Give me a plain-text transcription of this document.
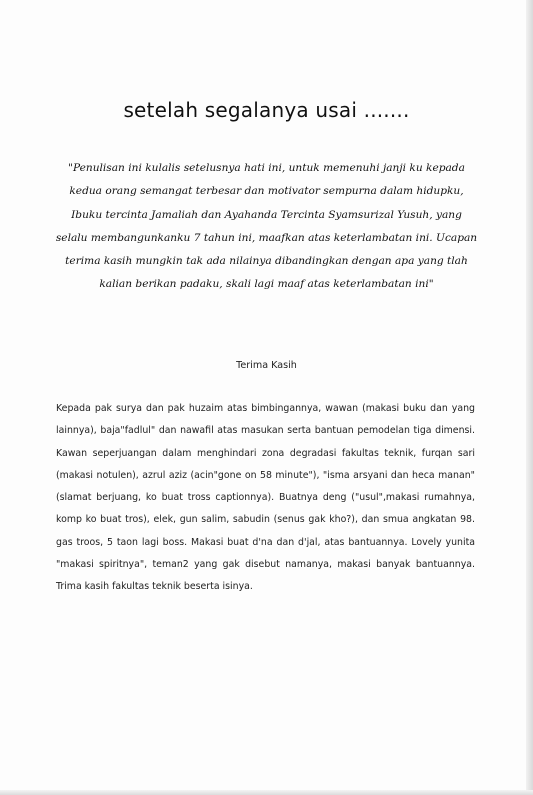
setelah segalanya usai .......
"Penulisan ini kulalis setelusnya hati ini, untuk memenuhi janji ku kepada kedua orang semangat terbesar dan motivator sempurna dalam hidupku, Ibuku tercinta Jamaliah dan Ayahanda Tercinta Syamsurizal Yusuh, yang selalu membangunkanku 7 tahun ini, maafkan atas keterlambatan ini. Ucapan terima kasih mungkin tak ada nilainya dibandingkan dengan apa yang tlah kalian berikan padaku, skali lagi maaf atas keterlambatan ini"
Terima Kasih
Kepada pak surya dan pak huzaim atas bimbingannya, wawan (makasi buku dan yang lainnya), baja"fadlul" dan nawafil atas masukan serta bantuan pemodelan tiga dimensi. Kawan seperjuangan dalam menghindari zona degradasi fakultas teknik, furqan sari (makasi notulen), azrul aziz (acin"gone on 58 minute"), "isma arsyani dan heca manan" (slamat berjuang, ko buat tross captionnya). Buatnya deng ("usul",makasi rumahnya, komp ko buat tros), elek, gun salim, sabudin (senus gak kho?), dan smua angkatan 98. gas troos, 5 taon lagi boss. Makasi buat d'na dan d'jal, atas bantuannya. Lovely yunita "makasi spiritnya", teman2 yang gak disebut namanya, makasi banyak bantuannya. Trima kasih fakultas teknik beserta isinya.
